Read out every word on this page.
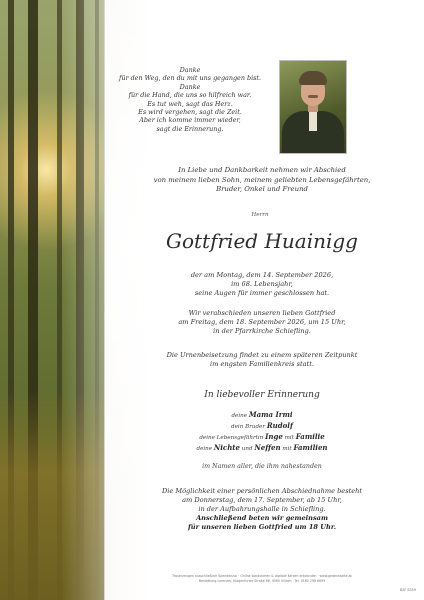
Danke
für den Weg, den du mit uns gegangen bist.
Danke
für die Hand, die uns so hilfreich war.
Es tut weh, sagt das Herz.
Es wird vergehen, sagt die Zeit.
Aber ich komme immer wieder,
sagt die Erinnerung.
In Liebe und Dankbarkeit nehmen wir Abschied
von meinem lieben Sohn, meinem geliebten Lebensgefährten,
Bruder, Onkel und Freund
Herrn
Gottfried Huainigg
der am Montag, dem 14. September 2026,
im 68. Lebensjahr,
seine Augen für immer geschlossen hat.
Wir verabschieden unseren lieben Gottfried
am Freitag, dem 18. September 2026, um 15 Uhr,
in der Pfarrkirche Schiefling.
Die Urnenbeisetzung findet zu einem späteren Zeitpunkt
im engsten Familienkreis statt.
In liebevoller Erinnerung
deine Mama Irmi
dein Bruder Rudolf
deine Lebensgefährtin Inge mit Familie
deine Nichte und Neffen mit Familien
im Namen aller, die ihm nahestanden
Die Möglichkeit einer persönlichen Abschiednahme besteht
am Donnerstag, dem 17. September, ab 15 Uhr,
in der Aufbahrungshalle in Schiefling.
Anschließend beten wir gemeinsam
für unseren lieben Gottfried um 18 Uhr.
Trauerzeugen ausschließlich Spendenzw. · Online kondolieren & digitale Kerzen entzünden · www.gedenkseite.at
Bestattung Lorenzer, Klagenfurter Straße 66, 9560 Villach · Tel. 0160 298 6699
BSF 6359
